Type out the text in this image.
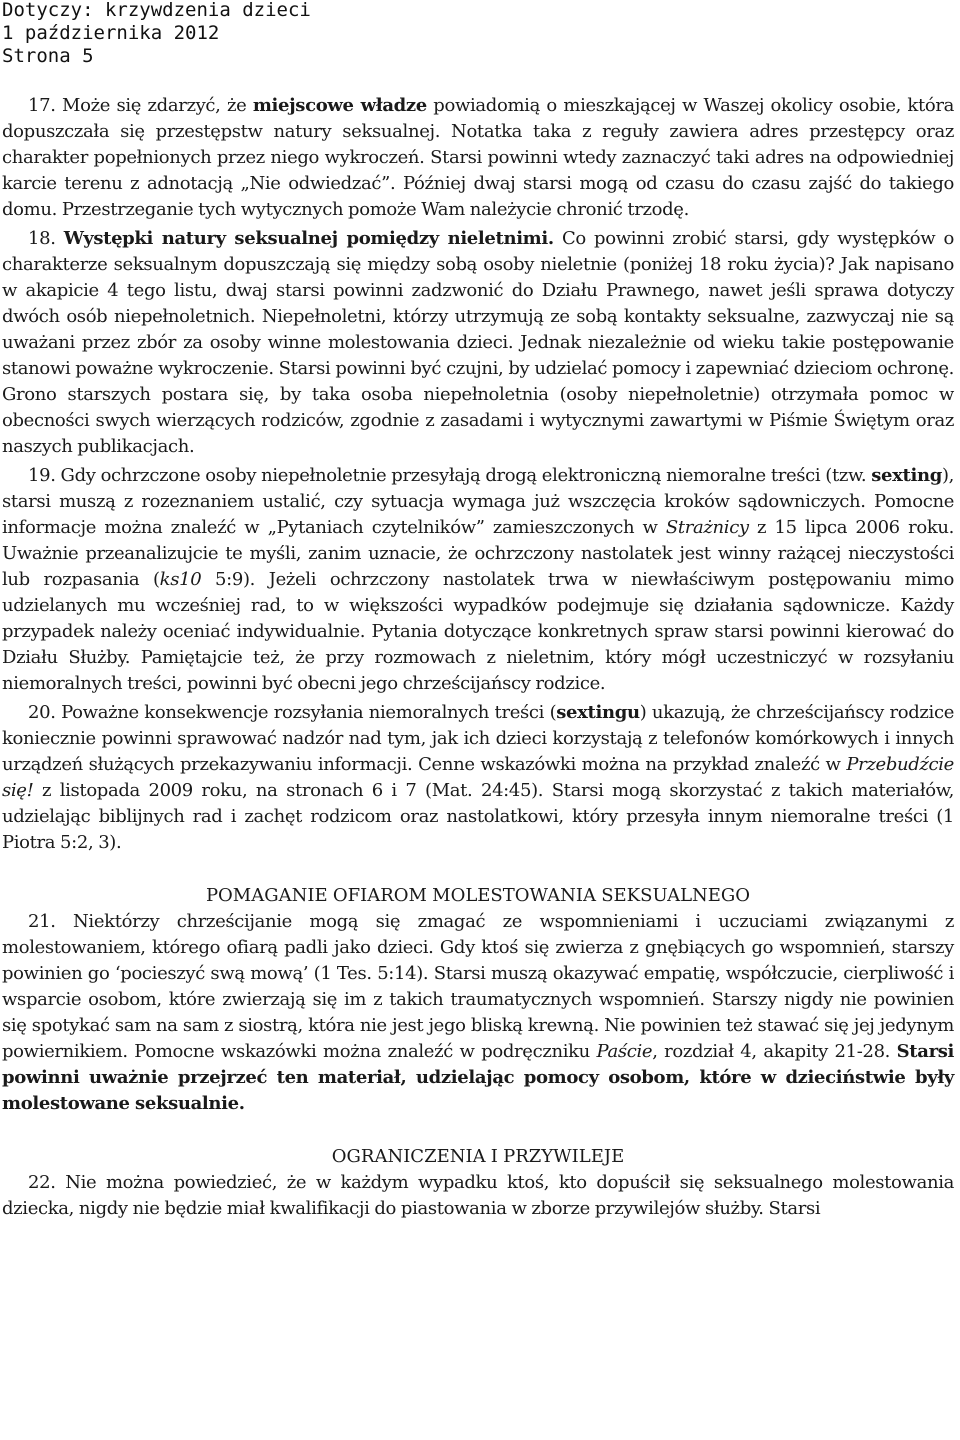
Dotyczy: krzywdzenia dzieci
1 października 2012
Strona 5

17. Może się zdarzyć, że miejscowe władze powiadomią o mieszkającej w Waszej okolicy osobie, która dopuszczała się przestępstw natury seksualnej. Notatka taka z reguły zawiera adres przestępcy oraz charakter popełnionych przez niego wykroczeń. Starsi powinni wtedy zaznaczyć taki adres na odpowiedniej karcie terenu z adnotacją „Nie odwiedzać”. Później dwaj starsi mogą od czasu do czasu zajść do takiego domu. Przestrzeganie tych wytycznych pomoże Wam należycie chronić trzodę.

18. Występki natury seksualnej pomiędzy nieletnimi. Co powinni zrobić starsi, gdy występków o charakterze seksualnym dopuszczają się między sobą osoby nieletnie (poniżej 18 roku życia)? Jak napisano w akapicie 4 tego listu, dwaj starsi powinni zadzwonić do Działu Prawnego, nawet jeśli sprawa dotyczy dwóch osób niepełnoletnich. Niepełnoletni, którzy utrzymują ze sobą kontakty seksualne, zazwyczaj nie są uważani przez zbór za osoby winne molestowania dzieci. Jednak niezależnie od wieku takie postępowanie stanowi poważne wykroczenie. Starsi powinni być czujni, by udzielać pomocy i zapewniać dzieciom ochronę. Grono starszych postara się, by taka osoba niepełnoletnia (osoby niepełnoletnie) otrzymała pomoc w obecności swych wierzących rodziców, zgodnie z zasadami i wytycznymi zawartymi w Piśmie Świętym oraz naszych publikacjach.

19. Gdy ochrzczone osoby niepełnoletnie przesyłają drogą elektroniczną niemoralne treści (tzw. sexting), starsi muszą z rozeznaniem ustalić, czy sytuacja wymaga już wszczęcia kroków sądowniczych. Pomocne informacje można znaleźć w „Pytaniach czytelników” zamieszczonych w Strażnicy z 15 lipca 2006 roku. Uważnie przeanalizujcie te myśli, zanim uznacie, że ochrzczony nastolatek jest winny rażącej nieczystości lub rozpasania (ks10 5:9). Jeżeli ochrzczony nastolatek trwa w niewłaściwym postępowaniu mimo udzielanych mu wcześniej rad, to w większości wypadków podejmuje się działania sądownicze. Każdy przypadek należy oceniać indywidualnie. Pytania dotyczące konkretnych spraw starsi powinni kierować do Działu Służby. Pamiętajcie też, że przy rozmowach z nieletnim, który mógł uczestniczyć w rozsyłaniu niemoralnych treści, powinni być obecni jego chrześcijańscy rodzice.

20. Poważne konsekwencje rozsyłania niemoralnych treści (sextingu) ukazują, że chrześcijańscy rodzice koniecznie powinni sprawować nadzór nad tym, jak ich dzieci korzystają z telefonów komórkowych i innych urządzeń służących przekazywaniu informacji. Cenne wskazówki można na przykład znaleźć w Przebudźcie się! z listopada 2009 roku, na stronach 6 i 7 (Mat. 24:45). Starsi mogą skorzystać z takich materiałów, udzielając biblijnych rad i zachęt rodzicom oraz nastolatkowi, który przesyła innym niemoralne treści (1 Piotra 5:2, 3).

POMAGANIE OFIAROM MOLESTOWANIA SEKSUALNEGO

21. Niektórzy chrześcijanie mogą się zmagać ze wspomnieniami i uczuciami związanymi z molestowaniem, którego ofiarą padli jako dzieci. Gdy ktoś się zwierza z gnębiących go wspomnień, starszy powinien go ‘pocieszyć swą mową’ (1 Tes. 5:14). Starsi muszą okazywać empatię, współczucie, cierpliwość i wsparcie osobom, które zwierzają się im z takich traumatycznych wspomnień. Starszy nigdy nie powinien się spotykać sam na sam z siostrą, która nie jest jego bliską krewną. Nie powinien też stawać się jej jedynym powiernikiem. Pomocne wskazówki można znaleźć w podręczniku Paście, rozdział 4, akapity 21-28. Starsi powinni uważnie przejrzeć ten materiał, udzielając pomocy osobom, które w dzieciństwie były molestowane seksualnie.

OGRANICZENIA I PRZYWILEJE

22. Nie można powiedzieć, że w każdym wypadku ktoś, kto dopuścił się seksualnego molestowania dziecka, nigdy nie będzie miał kwalifikacji do piastowania w zborze przywilejów służby. Starsi
